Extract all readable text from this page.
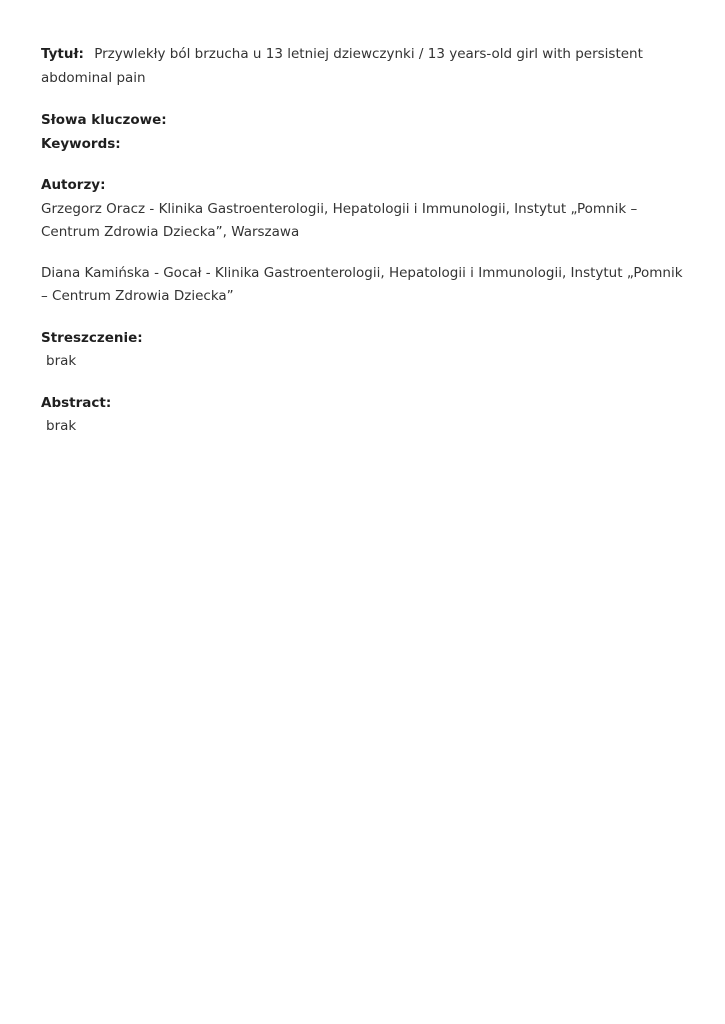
Tytuł: Przywlekły ból brzucha u 13 letniej dziewczynki / 13 years-old girl with persistent abdominal pain
Słowa kluczowe:
Keywords:
Autorzy:
Grzegorz Oracz - Klinika Gastroenterologii, Hepatologii i Immunologii, Instytut „Pomnik – Centrum Zdrowia Dziecka”, Warszawa
Diana Kamińska - Gocał - Klinika Gastroenterologii, Hepatologii i Immunologii, Instytut „Pomnik – Centrum Zdrowia Dziecka”
Streszczenie:
brak
Abstract:
brak
